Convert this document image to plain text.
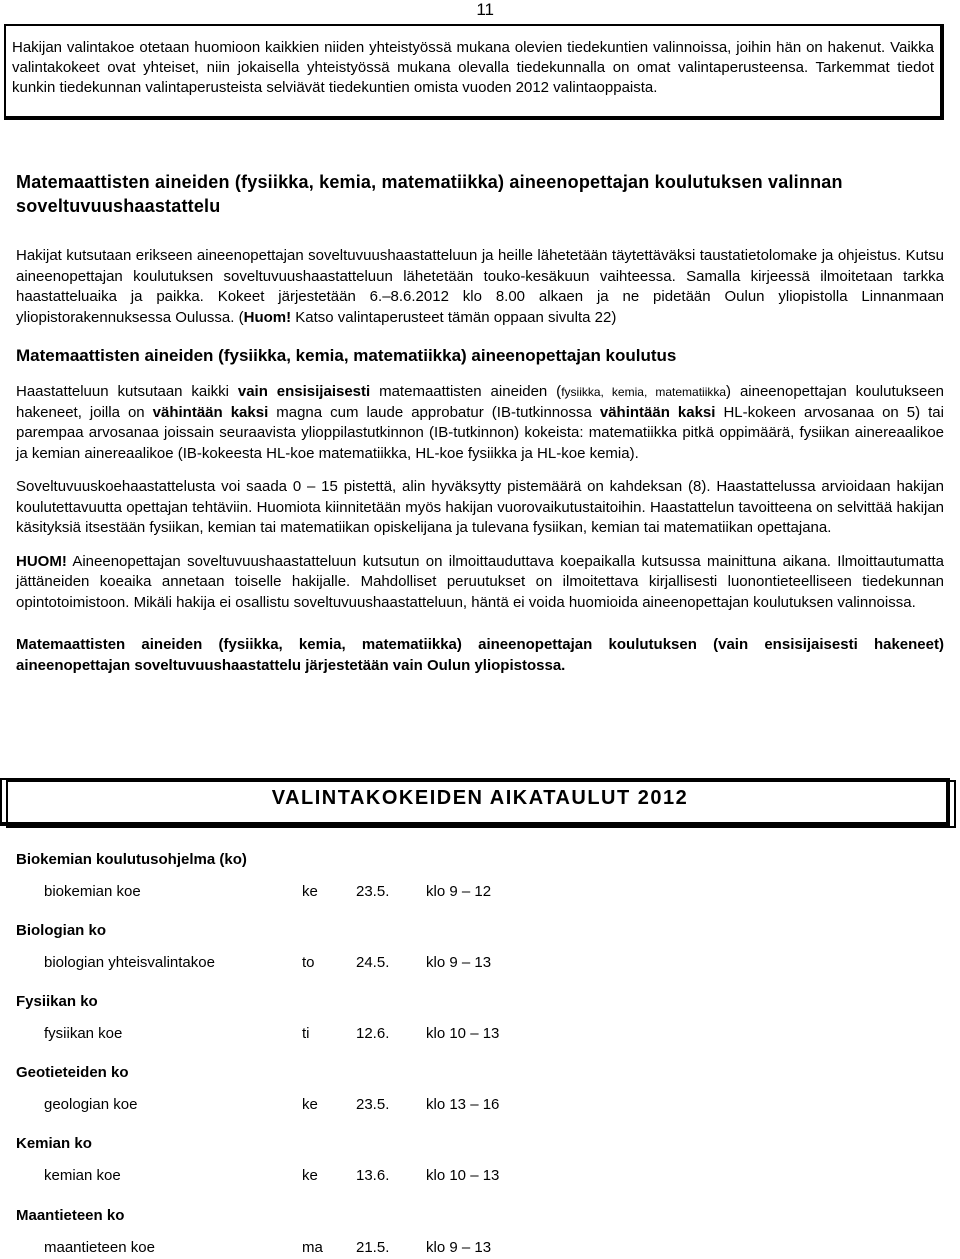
11

Hakijan valintakoe otetaan huomioon kaikkien niiden yhteistyössä mukana olevien tiedekuntien valinnoissa, joihin hän on hakenut. Vaikka valintakokeet ovat yhteiset, niin jokaisella yhteistyössä mukana olevalla tiedekunnalla on omat valintaperusteensa. Tarkemmat tiedot kunkin tiedekunnan valintaperusteista selviävät tiedekuntien omista vuoden 2012 valintaoppaista.

Matemaattisten aineiden (fysiikka, kemia, matematiikka) aineenopettajan koulutuksen valinnan soveltuvuushaastattelu

Hakijat kutsutaan erikseen aineenopettajan soveltuvuushaastatteluun ja heille lähetetään täytettäväksi taustatietolomake ja ohjeistus. Kutsu aineenopettajan koulutuksen soveltuvuushaastatteluun lähetetään touko-kesäkuun vaihteessa. Samalla kirjeessä ilmoitetaan tarkka haastatteluaika ja paikka. Kokeet järjestetään 6.–8.6.2012 klo 8.00 alkaen ja ne pidetään Oulun yliopistolla Linnanmaan yliopistorakennuksessa Oulussa. (Huom! Katso valintaperusteet tämän oppaan sivulta 22)

Matemaattisten aineiden (fysiikka, kemia, matematiikka) aineenopettajan koulutus

Haastatteluun kutsutaan kaikki vain ensisijaisesti matemaattisten aineiden (fysiikka, kemia, matematiikka) aineenopettajan koulutukseen hakeneet, joilla on vähintään kaksi magna cum laude approbatur (IB-tutkinnossa vähintään kaksi HL-kokeen arvosanaa on 5) tai parempaa arvosanaa joissain seuraavista ylioppilastutkinnon (IB-tutkinnon) kokeista: matematiikka pitkä oppimäärä, fysiikan ainereaalikoe ja kemian ainereaalikoe (IB-kokeesta HL-koe matematiikka, HL-koe fysiikka ja HL-koe kemia).

Soveltuvuuskoehaastattelusta voi saada 0 – 15 pistettä, alin hyväksytty pistemäärä on kahdeksan (8). Haastattelussa arvioidaan hakijan koulutettavuutta opettajan tehtäviin. Huomiota kiinnitetään myös hakijan vuorovaikutustaitoihin. Haastattelun tavoitteena on selvittää hakijan käsityksiä itsestään fysiikan, kemian tai matematiikan opiskelijana ja tulevana fysiikan, kemian tai matematiikan opettajana.

HUOM! Aineenopettajan soveltuvuushaastatteluun kutsutun on ilmoittauduttava koepaikalla kutsussa mainittuna aikana. Ilmoittautumatta jättäneiden koeaika annetaan toiselle hakijalle. Mahdolliset peruutukset on ilmoitettava kirjallisesti luonontieteelliseen tiedekunnan opintotoimistoon. Mikäli hakija ei osallistu soveltuvuushaastatteluun, häntä ei voida huomioida aineenopettajan koulutuksen valinnoissa.

Matemaattisten aineiden (fysiikka, kemia, matematiikka) aineenopettajan koulutuksen (vain ensisijaisesti hakeneet) aineenopettajan soveltuvuushaastattelu järjestetään vain Oulun yliopistossa.

VALINTAKOKEIDEN AIKATAULUT 2012
Biokemian koulutusohjelma (ko)
biokemian koe	ke	23.5. klo 9 – 12
Biologian ko
biologian yhteisvalintakoe	to	24.5. klo 9 – 13
Fysiikan ko
fysiikan koe	ti	12.6. klo 10 – 13
Geotieteiden ko
geologian koe	ke	23.5. klo 13 – 16
Kemian ko
kemian koe	ke	13.6. klo 10 – 13
Maantieteen ko
maantieteen koe	ma 21.5. klo 9 – 13
